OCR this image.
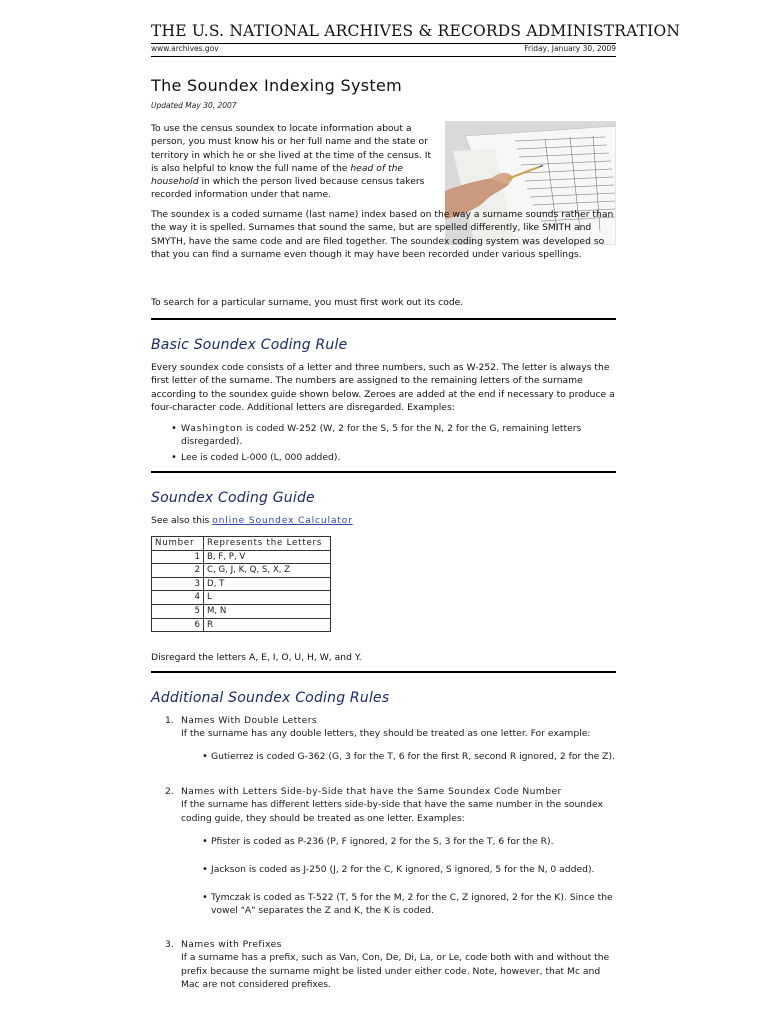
THE U.S. NATIONAL ARCHIVES & RECORDS ADMINISTRATION
www.archives.gov	Friday, January 30, 2009
The Soundex Indexing System
Updated May 30, 2007
To use the census soundex to locate information about a person, you must know his or her full name and the state or territory in which he or she lived at the time of the census. It is also helpful to know the full name of the head of the household in which the person lived because census takers recorded information under that name.
The soundex is a coded surname (last name) index based on the way a surname sounds rather than the way it is spelled. Surnames that sound the same, but are spelled differently, like SMITH and SMYTH, have the same code and are filed together. The soundex coding system was developed so that you can find a surname even though it may have been recorded under various spellings.
To search for a particular surname, you must first work out its code.
Basic Soundex Coding Rule
Every soundex code consists of a letter and three numbers, such as W-252. The letter is always the first letter of the surname. The numbers are assigned to the remaining letters of the surname according to the soundex guide shown below. Zeroes are added at the end if necessary to produce a four-character code. Additional letters are disregarded. Examples:
• Washington is coded W-252 (W, 2 for the S, 5 for the N, 2 for the G, remaining letters disregarded).
• Lee is coded L-000 (L, 000 added).
Soundex Coding Guide
See also this online Soundex Calculator
Number	Represents the Letters
1	B, F, P, V
2	C, G, J, K, Q, S, X, Z
3	D, T
4	L
5	M, N
6	R
Disregard the letters A, E, I, O, U, H, W, and Y.
Additional Soundex Coding Rules
1. Names With Double Letters
If the surname has any double letters, they should be treated as one letter. For example:
• Gutierrez is coded G-362 (G, 3 for the T, 6 for the first R, second R ignored, 2 for the Z).
2. Names with Letters Side-by-Side that have the Same Soundex Code Number
If the surname has different letters side-by-side that have the same number in the soundex coding guide, they should be treated as one letter. Examples:
• Pfister is coded as P-236 (P, F ignored, 2 for the S, 3 for the T, 6 for the R).
• Jackson is coded as J-250 (J, 2 for the C, K ignored, S ignored, 5 for the N, 0 added).
• Tymczak is coded as T-522 (T, 5 for the M, 2 for the C, Z ignored, 2 for the K). Since the vowel "A" separates the Z and K, the K is coded.
3. Names with Prefixes
If a surname has a prefix, such as Van, Con, De, Di, La, or Le, code both with and without the prefix because the surname might be listed under either code. Note, however, that Mc and Mac are not considered prefixes.
